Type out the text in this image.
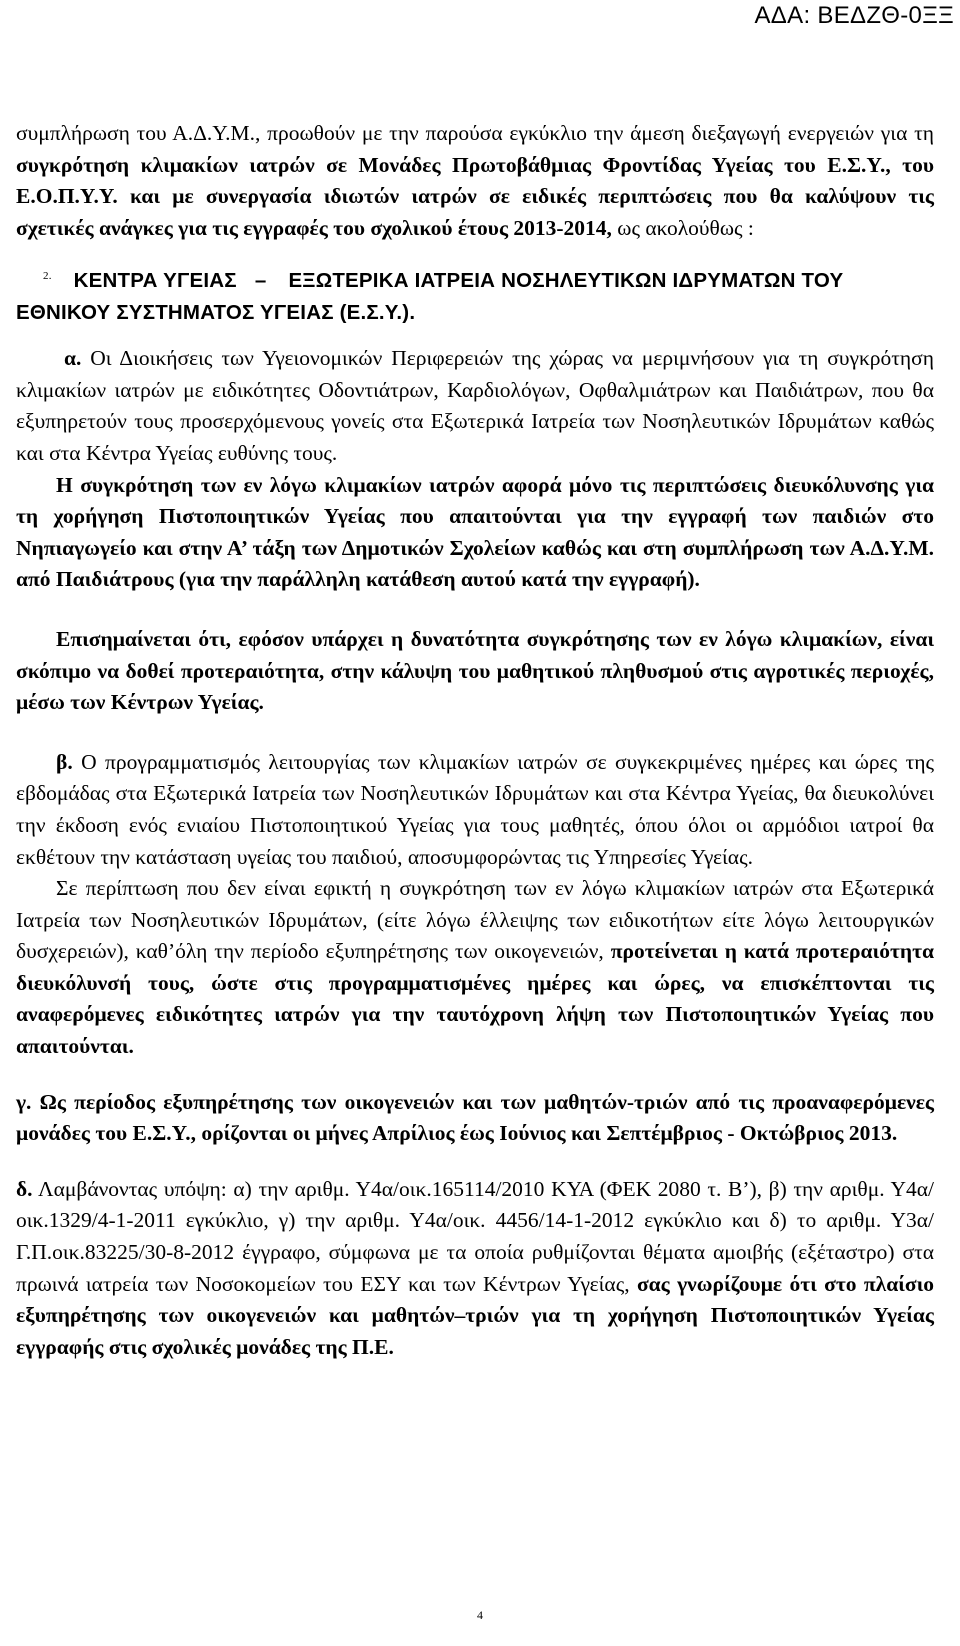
ΑΔΑ: ΒΕΔΖΘ-0ΞΞ

συμπλήρωση του Α.Δ.Υ.Μ., προωθούν με την παρούσα εγκύκλιο την άμεση διεξαγωγή ενεργειών για τη συγκρότηση κλιμακίων ιατρών σε Μονάδες Πρωτοβάθμιας Φροντίδας Υγείας του Ε.Σ.Υ., του Ε.Ο.Π.Υ.Υ. και με συνεργασία ιδιωτών ιατρών σε ειδικές περιπτώσεις που θα καλύψουν τις σχετικές ανάγκες για τις εγγραφές του σχολικού έτους 2013-2014, ως ακολούθως :

$^{2.}$ ΚΕΝΤΡΑ ΥΓΕΙΑΣ – ΕΞΩΤΕΡΙΚΑ ΙΑΤΡΕΙΑ ΝΟΣΗΛΕΥΤΙΚΩΝ ΙΔΡΥΜΑΤΩΝ ΤΟΥ ΕΘΝΙΚΟΥ ΣΥΣΤΗΜΑΤΟΣ ΥΓΕΙΑΣ (Ε.Σ.Υ.).

α. Οι Διοικήσεις των Υγειονομικών Περιφερειών της χώρας να μεριμνήσουν για τη συγκρότηση κλιμακίων ιατρών με ειδικότητες Οδοντιάτρων, Καρδιολόγων, Οφθαλμιάτρων και Παιδιάτρων, που θα εξυπηρετούν τους προσερχόμενους γονείς στα Εξωτερικά Ιατρεία των Νοσηλευτικών Ιδρυμάτων καθώς και στα Κέντρα Υγείας ευθύνης τους.

Η συγκρότηση των εν λόγω κλιμακίων ιατρών αφορά μόνο τις περιπτώσεις διευκόλυνσης για τη χορήγηση Πιστοποιητικών Υγείας που απαιτούνται για την εγγραφή των παιδιών στο Νηπιαγωγείο και στην Α’ τάξη των Δημοτικών Σχολείων καθώς και στη συμπλήρωση των Α.Δ.Υ.Μ. από Παιδιάτρους (για την παράλληλη κατάθεση αυτού κατά την εγγραφή).

Επισημαίνεται ότι, εφόσον υπάρχει η δυνατότητα συγκρότησης των εν λόγω κλιμακίων, είναι σκόπιμο να δοθεί προτεραιότητα, στην κάλυψη του μαθητικού πληθυσμού στις αγροτικές περιοχές, μέσω των Κέντρων Υγείας.

β. Ο προγραμματισμός λειτουργίας των κλιμακίων ιατρών σε συγκεκριμένες ημέρες και ώρες της εβδομάδας στα Εξωτερικά Ιατρεία των Νοσηλευτικών Ιδρυμάτων και στα Κέντρα Υγείας, θα διευκολύνει την έκδοση ενός ενιαίου Πιστοποιητικού Υγείας για τους μαθητές, όπου όλοι οι αρμόδιοι ιατροί θα εκθέτουν την κατάσταση υγείας του παιδιού, αποσυμφορώντας τις Υπηρεσίες Υγείας.

Σε περίπτωση που δεν είναι εφικτή η συγκρότηση των εν λόγω κλιμακίων ιατρών στα Εξωτερικά Ιατρεία των Νοσηλευτικών Ιδρυμάτων, (είτε λόγω έλλειψης των ειδικοτήτων είτε λόγω λειτουργικών δυσχερειών), καθ’όλη την περίοδο εξυπηρέτησης των οικογενειών, προτείνεται η κατά προτεραιότητα διευκόλυνσή τους, ώστε στις προγραμματισμένες ημέρες και ώρες, να επισκέπτονται τις αναφερόμενες ειδικότητες ιατρών για την ταυτόχρονη λήψη των Πιστοποιητικών Υγείας που απαιτούνται.

γ. Ως περίοδος εξυπηρέτησης των οικογενειών και των μαθητών-τριών από τις προαναφερόμενες μονάδες του Ε.Σ.Υ., ορίζονται οι μήνες Απρίλιος έως Ιούνιος και Σεπτέμβριος - Οκτώβριος 2013.

δ. Λαμβάνοντας υπόψη: α) την αριθμ. Υ4α/οικ.165114/2010 ΚΥΑ (ΦΕΚ 2080 τ. Β’), β) την αριθμ. Υ4α/οικ.1329/4-1-2011 εγκύκλιο, γ) την αριθμ. Υ4α/οικ. 4456/14-1-2012 εγκύκλιο και δ) το αριθμ. Υ3α/Γ.Π.οικ.83225/30-8-2012 έγγραφο, σύμφωνα με τα οποία ρυθμίζονται θέματα αμοιβής (εξέταστρο) στα πρωινά ιατρεία των Νοσοκομείων του ΕΣΥ και των Κέντρων Υγείας, σας γνωρίζουμε ότι στο πλαίσιο εξυπηρέτησης των οικογενειών και μαθητών–τριών για τη χορήγηση Πιστοποιητικών Υγείας εγγραφής στις σχολικές μονάδες της Π.Ε.

4
